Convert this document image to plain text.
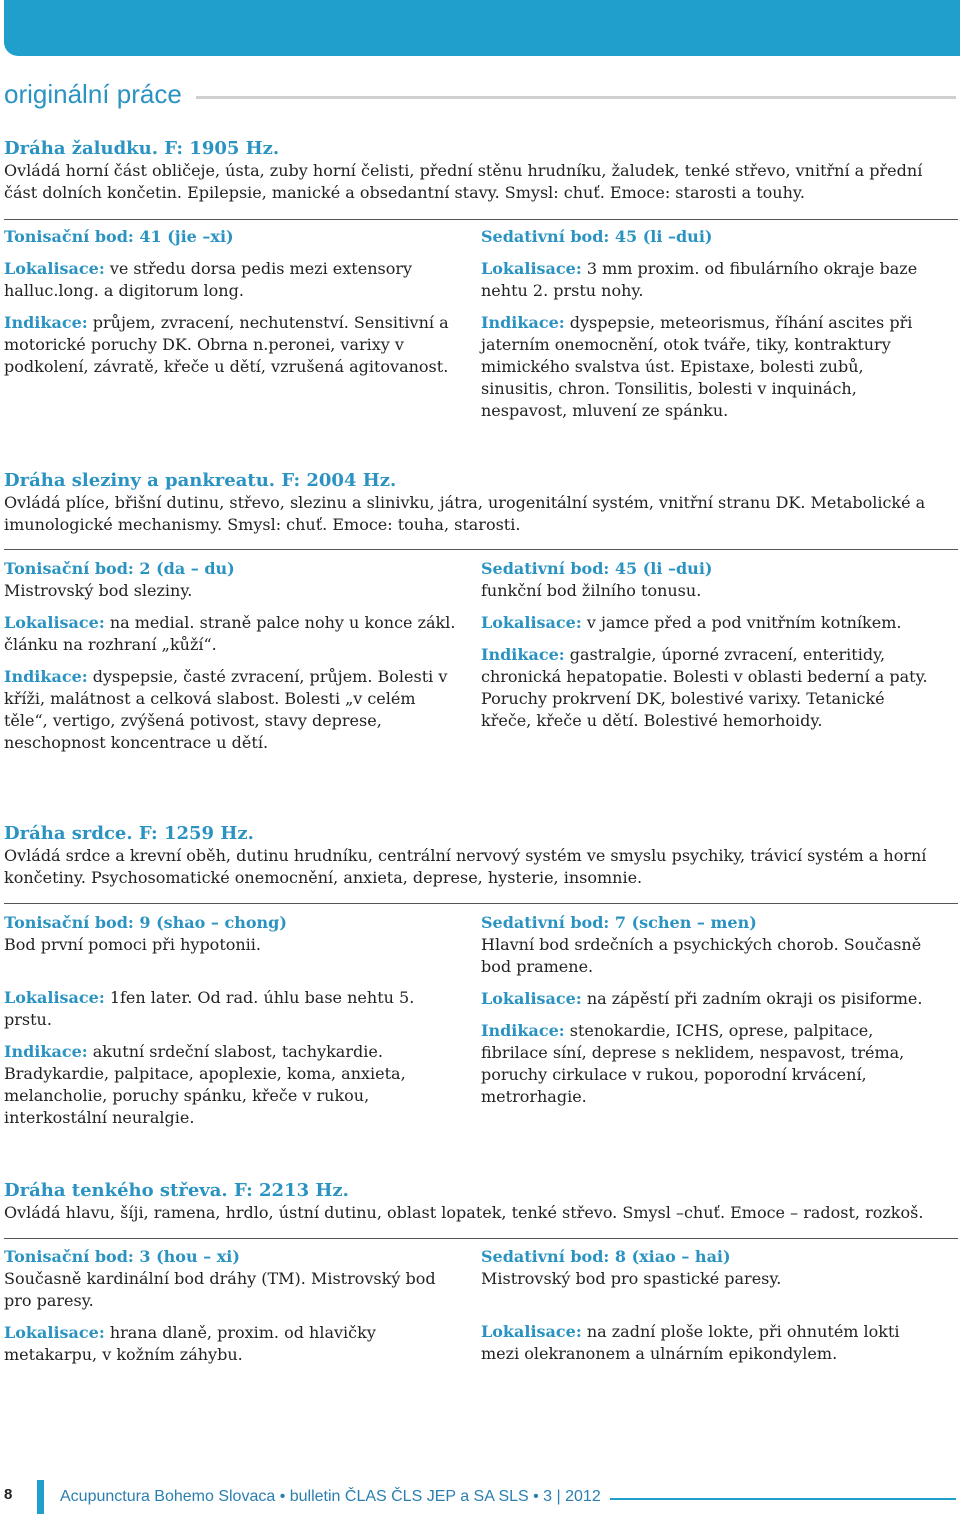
originální práce
Dráha žaludku. F: 1905 Hz.

Ovládá horní část obličeje, ústa, zuby horní čelisti, přední stěnu hrudníku, žaludek, tenké střevo, vnitřní a přední část dolních končetin. Epilepsie, manické a obsedantní stavy. Smysl: chuť. Emoce: starosti a touhy.

Tonisační bod: 41 (jie –xi)

Lokalisace: ve středu dorsa pedis mezi extensory halluc.long. a digitorum long.

Indikace: průjem, zvracení, nechutenství. Sensitivní a motorické poruchy DK. Obrna n.peronei, varixy v podkolení, závratě, křeče u dětí, vzrušená agitovanost.

Sedativní bod: 45 (li –dui)

Lokalisace: 3 mm proxim. od fibulárního okraje baze nehtu 2. prstu nohy.

Indikace: dyspepsie, meteorismus, říhání ascites při jaterním onemocnění, otok tváře, tiky, kontraktury mimického svalstva úst. Epistaxe, bolesti zubů, sinusitis, chron. Tonsilitis, bolesti v inquinách, nespavost, mluvení ze spánku.

Dráha sleziny a pankreatu. F: 2004 Hz.

Ovládá plíce, břišní dutinu, střevo, slezinu a slinivku, játra, urogenitální systém, vnitřní stranu DK. Metabolické a imunologické mechanismy. Smysl: chuť. Emoce: touha, starosti.

Tonisační bod: 2 (da – du)

Mistrovský bod sleziny.

Lokalisace: na medial. straně palce nohy u konce zákl. článku na rozhraní „kůží“.

Indikace: dyspepsie, časté zvracení, průjem. Bolesti v kříži, malátnost a celková slabost. Bolesti „v celém těle“, vertigo, zvýšená potivost, stavy deprese, neschopnost koncentrace u dětí.

Sedativní bod: 45 (li –dui)

funkční bod žilního tonusu.

Lokalisace: v jamce před a pod vnitřním kotníkem.

Indikace: gastralgie, úporné zvracení, enteritidy, chronická hepatopatie. Bolesti v oblasti bederní a paty. Poruchy prokrvení DK, bolestivé varixy. Tetanické křeče, křeče u dětí. Bolestivé hemorhoidy.

Dráha srdce. F: 1259 Hz.

Ovládá srdce a krevní oběh, dutinu hrudníku, centrální nervový systém ve smyslu psychiky, trávicí systém a horní končetiny. Psychosomatické onemocnění, anxieta, deprese, hysterie, insomnie.

Tonisační bod: 9 (shao – chong)

Bod první pomoci při hypotonii.

Lokalisace: 1fen later. Od rad. úhlu base nehtu 5. prstu.

Indikace: akutní srdeční slabost, tachykardie. Bradykardie, palpitace, apoplexie, koma, anxieta, melancholie, poruchy spánku, křeče v rukou, interkostální neuralgie.

Sedativní bod: 7 (schen – men)

Hlavní bod srdečních a psychických chorob. Současně bod pramene.

Lokalisace: na zápěstí při zadním okraji os pisiforme.

Indikace: stenokardie, ICHS, oprese, palpitace, fibrilace síní, deprese s neklidem, nespavost, tréma, poruchy cirkulace v rukou, poporodní krvácení, metrorhagie.

Dráha tenkého střeva. F: 2213 Hz.

Ovládá hlavu, šíji, ramena, hrdlo, ústní dutinu, oblast lopatek, tenké střevo. Smysl –chuť. Emoce – radost, rozkoš.

Tonisační bod: 3 (hou – xi)

Současně kardinální bod dráhy (TM). Mistrovský bod pro paresy.

Lokalisace: hrana dlaně, proxim. od hlavičky metakarpu, v kožním záhybu.

Sedativní bod: 8 (xiao – hai)

Mistrovský bod pro spastické paresy.

Lokalisace: na zadní ploše lokte, při ohnutém lokti mezi olekranonem a ulnárním epikondylem.

8	Acupunctura Bohemo Slovaca • bulletin ČLAS ČLS JEP a SA SLS • 3 | 2012
